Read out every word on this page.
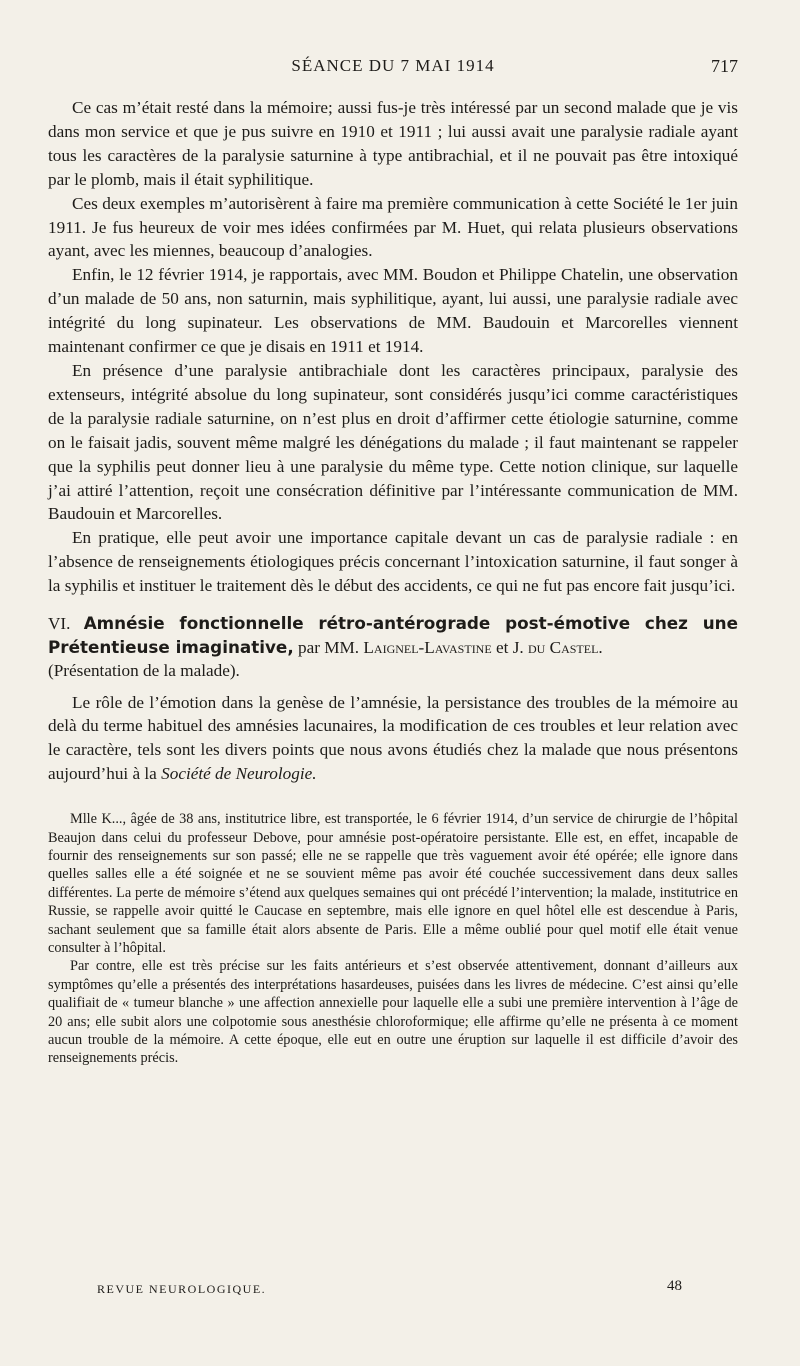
SÉANCE DU 7 MAI 1914	717

Ce cas m’était resté dans la mémoire; aussi fus-je très intéressé par un second malade que je vis dans mon service et que je pus suivre en 1910 et 1911 ; lui aussi avait une paralysie radiale ayant tous les caractères de la paralysie saturnine à type antibrachial, et il ne pouvait pas être intoxiqué par le plomb, mais il était syphilitique.

Ces deux exemples m’autorisèrent à faire ma première communication à cette Société le 1er juin 1911. Je fus heureux de voir mes idées confirmées par M. Huet, qui relata plusieurs observations ayant, avec les miennes, beaucoup d’analogies.

Enfin, le 12 février 1914, je rapportais, avec MM. Boudon et Philippe Chatelin, une observation d’un malade de 50 ans, non saturnin, mais syphilitique, ayant, lui aussi, une paralysie radiale avec intégrité du long supinateur. Les observations de MM. Baudouin et Marcorelles viennent maintenant confirmer ce que je disais en 1911 et 1914.

En présence d’une paralysie antibrachiale dont les caractères principaux, paralysie des extenseurs, intégrité absolue du long supinateur, sont considérés jusqu’ici comme caractéristiques de la paralysie radiale saturnine, on n’est plus en droit d’affirmer cette étiologie saturnine, comme on le faisait jadis, souvent même malgré les dénégations du malade ; il faut maintenant se rappeler que la syphilis peut donner lieu à une paralysie du même type. Cette notion clinique, sur laquelle j’ai attiré l’attention, reçoit une consécration définitive par l’intéressante communication de MM. Baudouin et Marcorelles.

En pratique, elle peut avoir une importance capitale devant un cas de paralysie radiale : en l’absence de renseignements étiologiques précis concernant l’intoxication saturnine, il faut songer à la syphilis et instituer le traitement dès le début des accidents, ce qui ne fut pas encore fait jusqu’ici.

VI. Amnésie fonctionnelle rétro-antérograde post-émotive chez une Prétentieuse imaginative, par MM. Laignel-Lavastine et J. du Castel.
(Présentation de la malade).

Le rôle de l’émotion dans la genèse de l’amnésie, la persistance des troubles de la mémoire au delà du terme habituel des amnésies lacunaires, la modification de ces troubles et leur relation avec le caractère, tels sont les divers points que nous avons étudiés chez la malade que nous présentons aujourd’hui à la Société de Neurologie.

Mlle K..., âgée de 38 ans, institutrice libre, est transportée, le 6 février 1914, d’un service de chirurgie de l’hôpital Beaujon dans celui du professeur Debove, pour amnésie post-opératoire persistante. Elle est, en effet, incapable de fournir des renseignements sur son passé; elle ne se rappelle que très vaguement avoir été opérée; elle ignore dans quelles salles elle a été soignée et ne se souvient même pas avoir été couchée successivement dans deux salles différentes. La perte de mémoire s’étend aux quelques semaines qui ont précédé l’intervention; la malade, institutrice en Russie, se rappelle avoir quitté le Caucase en septembre, mais elle ignore en quel hôtel elle est descendue à Paris, sachant seulement que sa famille était alors absente de Paris. Elle a même oublié pour quel motif elle était venue consulter à l’hôpital.

Par contre, elle est très précise sur les faits antérieurs et s’est observée attentivement, donnant d’ailleurs aux symptômes qu’elle a présentés des interprétations hasardeuses, puisées dans les livres de médecine. C’est ainsi qu’elle qualifiait de « tumeur blanche » une affection annexielle pour laquelle elle a subi une première intervention à l’âge de 20 ans; elle subit alors une colpotomie sous anesthésie chloroformique; elle affirme qu’elle ne présenta à ce moment aucun trouble de la mémoire. A cette époque, elle eut en outre une éruption sur laquelle il est difficile d’avoir des renseignements précis.

REVUE NEUROLOGIQUE.	48
